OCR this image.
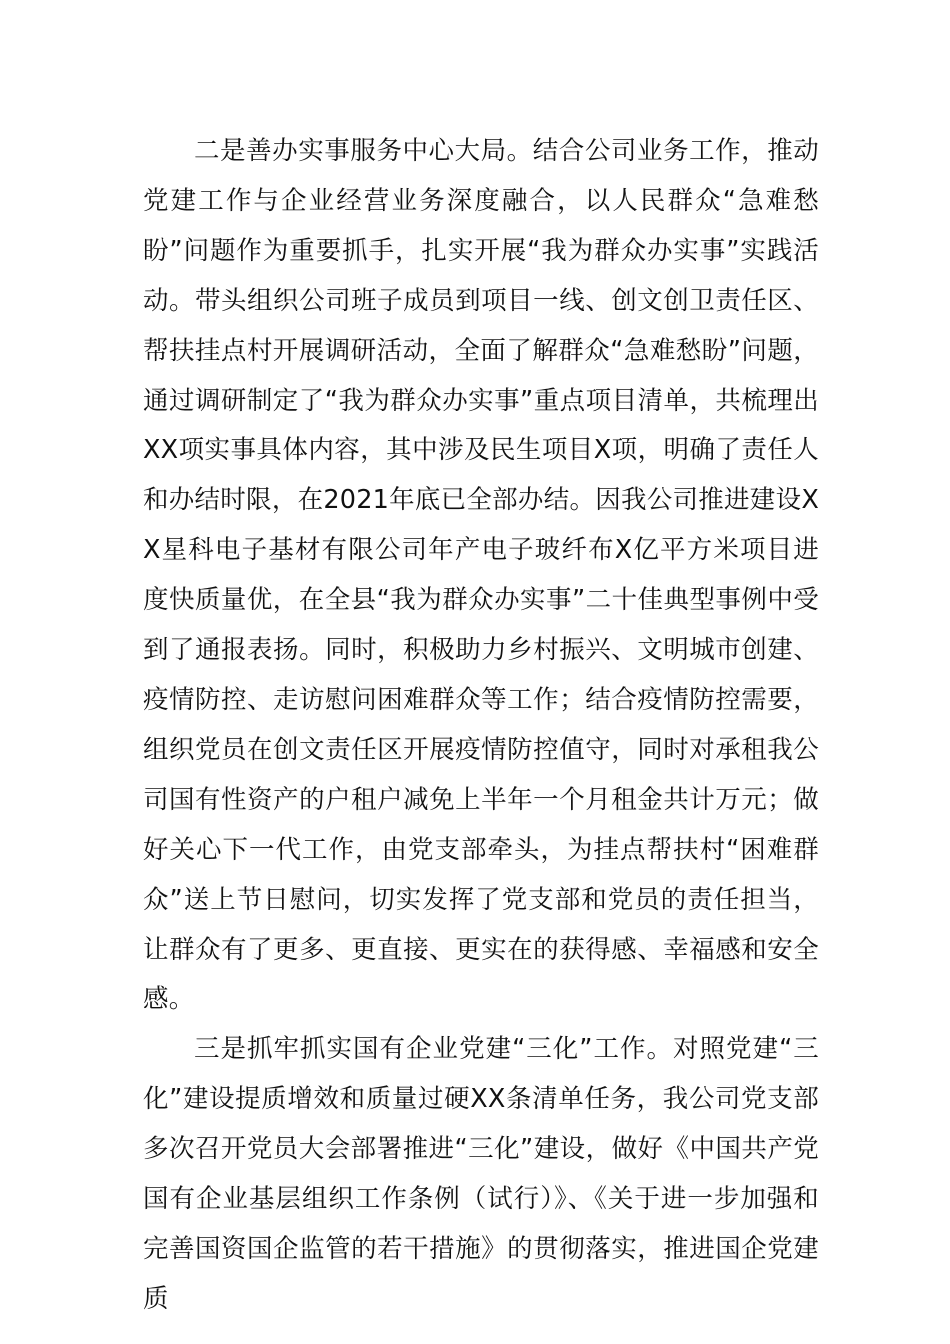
二是善办实事服务中心大局。结合公司业务工作，推动党建工作与企业经营业务深度融合，以人民群众“急难愁盼”问题作为重要抓手，扎实开展“我为群众办实事”实践活动。带头组织公司班子成员到项目一线、创文创卫责任区、帮扶挂点村开展调研活动，全面了解群众“急难愁盼”问题，通过调研制定了“我为群众办实事”重点项目清单，共梳理出XX项实事具体内容，其中涉及民生项目X项，明确了责任人和办结时限，在2021年底已全部办结。因我公司推进建设XX星科电子基材有限公司年产电子玻纤布X亿平方米项目进度快质量优，在全县“我为群众办实事”二十佳典型事例中受到了通报表扬。同时，积极助力乡村振兴、文明城市创建、疫情防控、走访慰问困难群众等工作；结合疫情防控需要，组织党员在创文责任区开展疫情防控值守，同时对承租我公司国有性资产的户租户减免上半年一个月租金共计万元；做好关心下一代工作，由党支部牵头，为挂点帮扶村“困难群众”送上节日慰问，切实发挥了党支部和党员的责任担当，让群众有了更多、更直接、更实在的获得感、幸福感和安全感。

三是抓牢抓实国有企业党建“三化”工作。对照党建“三化”建设提质增效和质量过硬XX条清单任务，我公司党支部多次召开党员大会部署推进“三化”建设，做好《中国共产党国有企业基层组织工作条例（试行）》、《关于进一步加强和完善国资国企监管的若干措施》的贯彻落实，推进国企党建质
